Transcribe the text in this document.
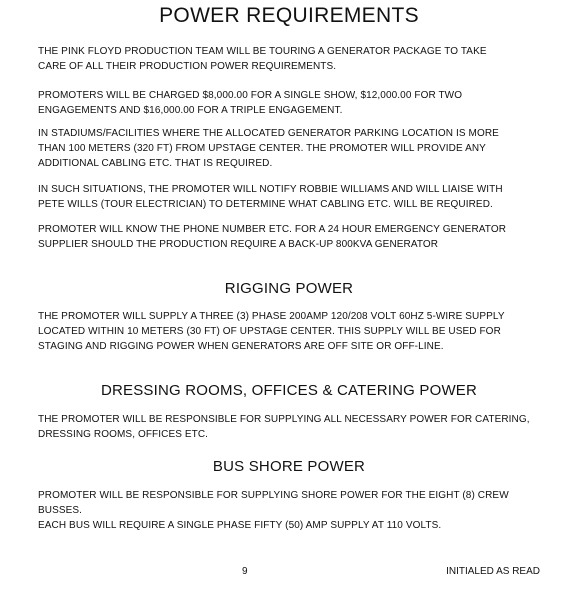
POWER REQUIREMENTS

THE PINK FLOYD PRODUCTION TEAM WILL BE TOURING A GENERATOR PACKAGE TO TAKE
CARE OF ALL THEIR PRODUCTION POWER REQUIREMENTS.

PROMOTERS WILL BE CHARGED $8,000.00 FOR A SINGLE SHOW, $12,000.00 FOR TWO
ENGAGEMENTS AND $16,000.00 FOR A TRIPLE ENGAGEMENT.

IN STADIUMS/FACILITIES WHERE THE ALLOCATED GENERATOR PARKING LOCATION IS MORE
THAN 100 METERS (320 FT) FROM UPSTAGE CENTER. THE PROMOTER WILL PROVIDE ANY
ADDITIONAL CABLING ETC. THAT IS REQUIRED.

IN SUCH SITUATIONS, THE PROMOTER WILL NOTIFY ROBBIE WILLIAMS AND WILL LIAISE WITH
PETE WILLS (TOUR ELECTRICIAN) TO DETERMINE WHAT CABLING ETC. WILL BE REQUIRED.

PROMOTER WILL KNOW THE PHONE NUMBER ETC. FOR A 24 HOUR EMERGENCY GENERATOR
SUPPLIER SHOULD THE PRODUCTION REQUIRE A BACK-UP 800KVA GENERATOR

RIGGING POWER

THE PROMOTER WILL SUPPLY A THREE (3) PHASE 200AMP 120/208 VOLT 60HZ 5-WIRE SUPPLY
LOCATED WITHIN 10 METERS (30 FT) OF UPSTAGE CENTER. THIS SUPPLY WILL BE USED FOR
STAGING AND RIGGING POWER WHEN GENERATORS ARE OFF SITE OR OFF-LINE.

DRESSING ROOMS, OFFICES & CATERING POWER

THE PROMOTER WILL BE RESPONSIBLE FOR SUPPLYING ALL NECESSARY POWER FOR CATERING,
DRESSING ROOMS, OFFICES ETC.

BUS SHORE POWER

PROMOTER WILL BE RESPONSIBLE FOR SUPPLYING SHORE POWER FOR THE EIGHT (8) CREW
BUSSES.
EACH BUS WILL REQUIRE A SINGLE PHASE FIFTY (50) AMP SUPPLY AT 110 VOLTS.

9	INITIALED AS READ
